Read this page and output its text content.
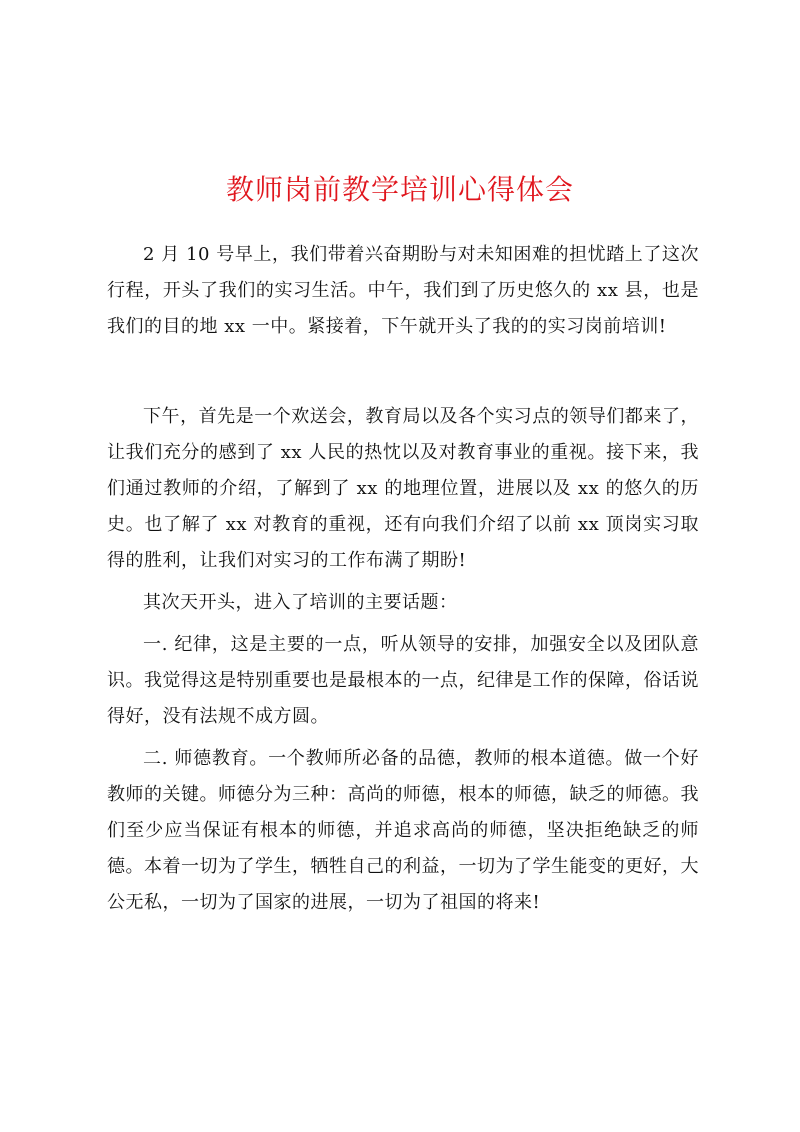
教师岗前教学培训心得体会

2 月 10 号早上，我们带着兴奋期盼与对未知困难的担忧踏上了这次行程，开头了我们的实习生活。中午，我们到了历史悠久的 xx 县，也是我们的目的地 xx 一中。紧接着，下午就开头了我的的实习岗前培训!

下午，首先是一个欢送会，教育局以及各个实习点的领导们都来了，让我们充分的感到了 xx 人民的热忱以及对教育事业的重视。接下来，我们通过教师的介绍，了解到了 xx 的地理位置，进展以及 xx 的悠久的历史。也了解了 xx 对教育的重视，还有向我们介绍了以前 xx 顶岗实习取得的胜利，让我们对实习的工作布满了期盼!

其次天开头，进入了培训的主要话题：

一. 纪律，这是主要的一点，听从领导的安排，加强安全以及团队意识。我觉得这是特别重要也是最根本的一点，纪律是工作的保障，俗话说得好，没有法规不成方圆。

二. 师德教育。一个教师所必备的品德，教师的根本道德。做一个好教师的关键。师德分为三种：高尚的师德，根本的师德，缺乏的师德。我们至少应当保证有根本的师德，并追求高尚的师德，坚决拒绝缺乏的师德。本着一切为了学生，牺牲自己的利益，一切为了学生能变的更好，大公无私，一切为了国家的进展，一切为了祖国的将来!
